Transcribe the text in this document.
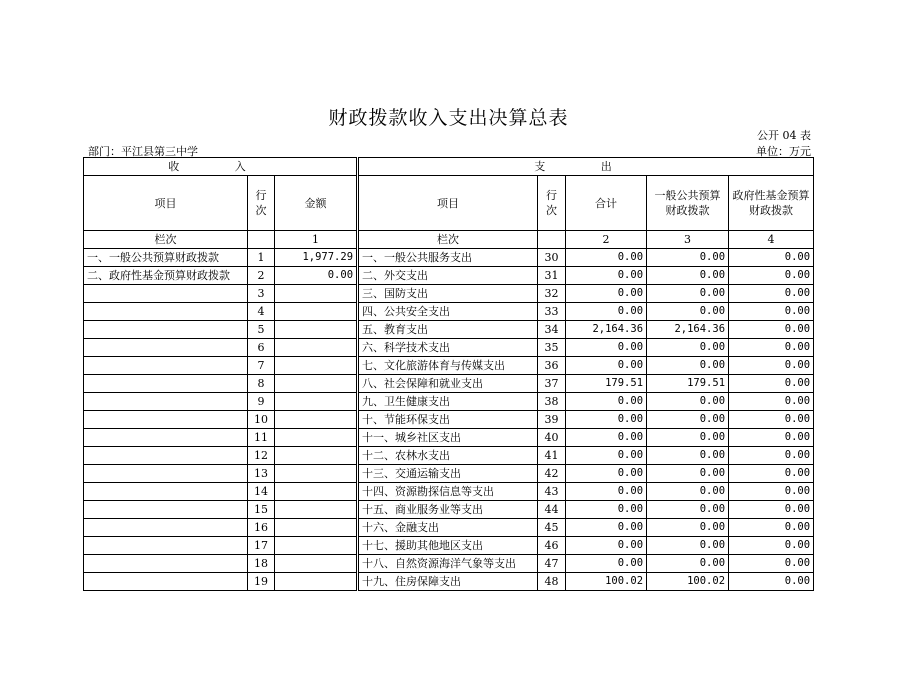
财政拨款收入支出决算总表
公开 04 表
部门：平江县第三中学	单位：万元
收 入			支 出				
项目	行次	金额	项目	行次	合计	一般公共预算财政拨款	政府性基金预算财政拨款
栏次		1	栏次		2	3	4
一、一般公共预算财政拨款	1	1,977.29	一、一般公共服务支出	30	0.00	0.00	0.00
二、政府性基金预算财政拨款	2	0.00	二、外交支出	31	0.00	0.00	0.00
	3		三、国防支出	32	0.00	0.00	0.00
	4		四、公共安全支出	33	0.00	0.00	0.00
	5		五、教育支出	34	2,164.36	2,164.36	0.00
	6		六、科学技术支出	35	0.00	0.00	0.00
	7		七、文化旅游体育与传媒支出	36	0.00	0.00	0.00
	8		八、社会保障和就业支出	37	179.51	179.51	0.00
	9		九、卫生健康支出	38	0.00	0.00	0.00
	10		十、节能环保支出	39	0.00	0.00	0.00
	11		十一、城乡社区支出	40	0.00	0.00	0.00
	12		十二、农林水支出	41	0.00	0.00	0.00
	13		十三、交通运输支出	42	0.00	0.00	0.00
	14		十四、资源勘探信息等支出	43	0.00	0.00	0.00
	15		十五、商业服务业等支出	44	0.00	0.00	0.00
	16		十六、金融支出	45	0.00	0.00	0.00
	17		十七、援助其他地区支出	46	0.00	0.00	0.00
	18		十八、自然资源海洋气象等支出	47	0.00	0.00	0.00
	19		十九、住房保障支出	48	100.02	100.02	0.00
